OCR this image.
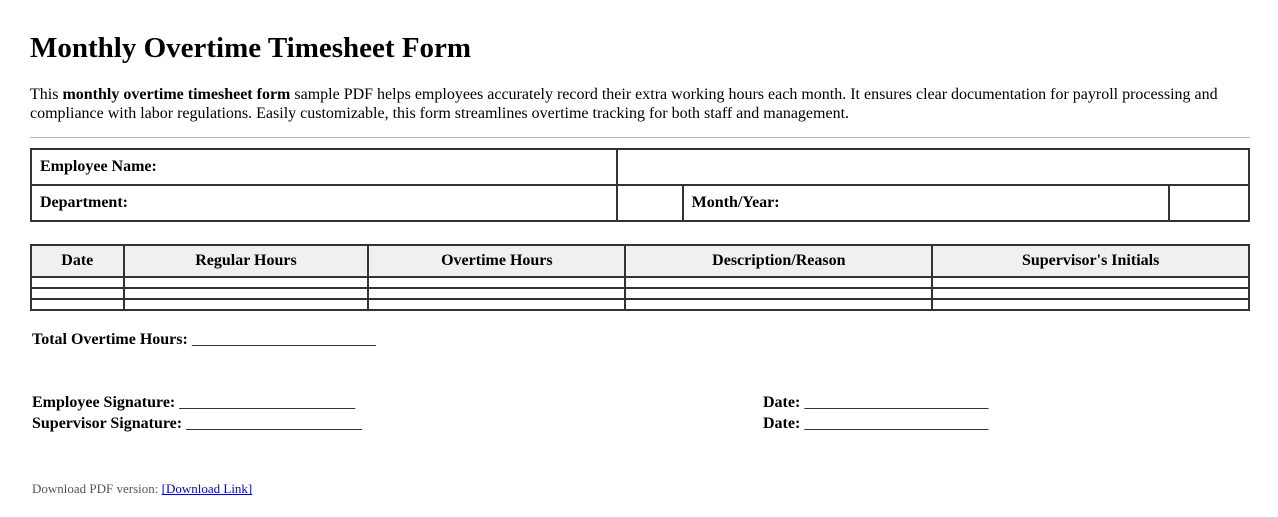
Monthly Overtime Timesheet Form

This monthly overtime timesheet form sample PDF helps employees accurately record their extra working hours each month. It ensures clear documentation for payroll processing and compliance with labor regulations. Easily customizable, this form streamlines overtime tracking for both staff and management.

Employee Name:			
Department:		Month/Year:	
Date	Regular Hours	Overtime Hours	Description/Reason	Supervisor's Initials

Total Overtime Hours: _______________________

Employee Signature: ______________________

Supervisor Signature: ______________________

Date: _______________________

Date: _______________________

Download PDF version: [Download Link]
